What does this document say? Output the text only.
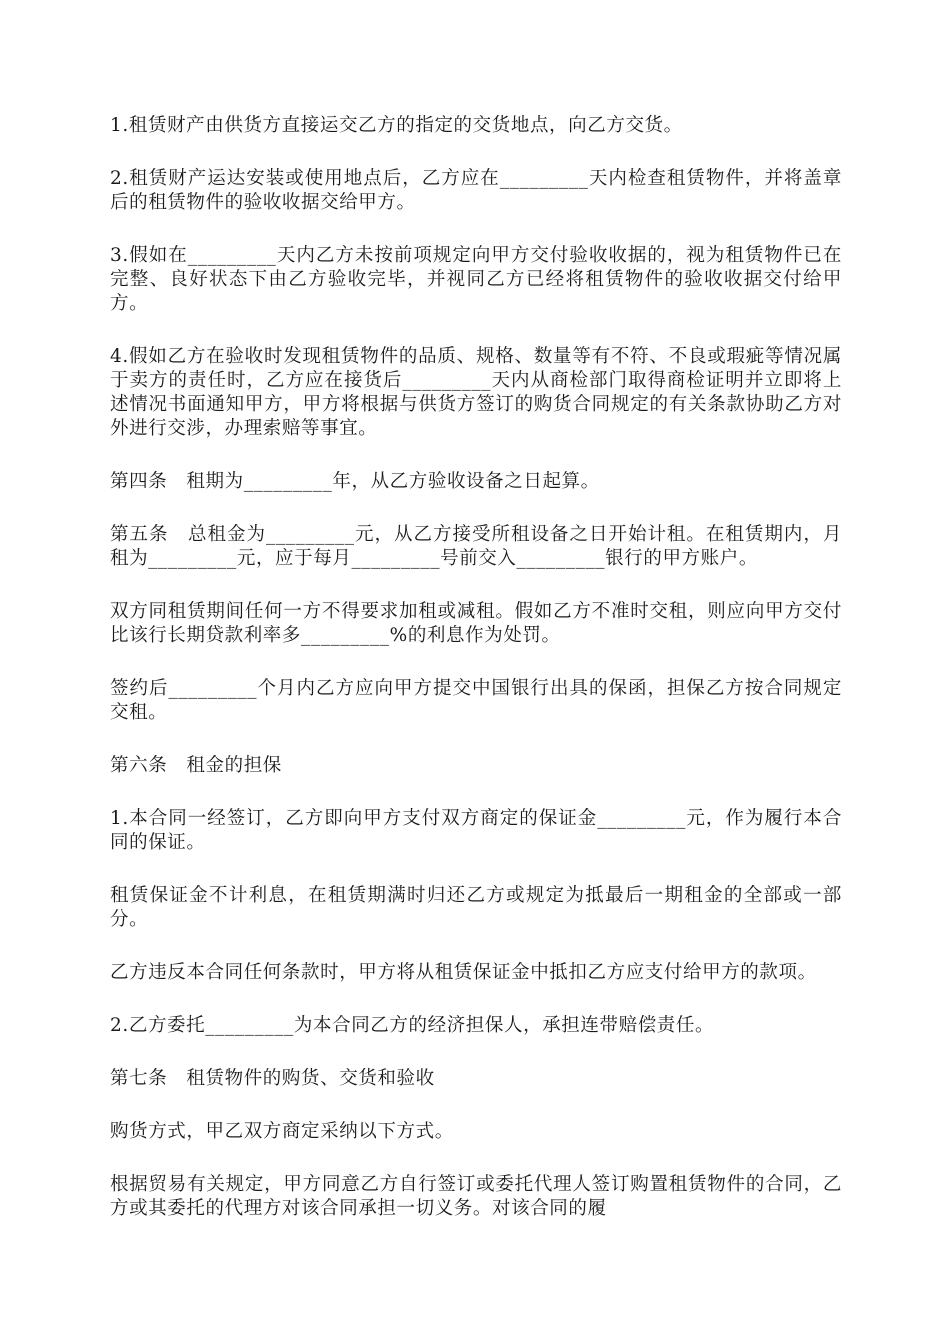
1.租赁财产由供货方直接运交乙方的指定的交货地点，向乙方交货。

2.租赁财产运达安装或使用地点后，乙方应在_________天内检查租赁物件，并将盖章后的租赁物件的验收收据交给甲方。

3.假如在_________天内乙方未按前项规定向甲方交付验收收据的，视为租赁物件已在完整、良好状态下由乙方验收完毕，并视同乙方已经将租赁物件的验收收据交付给甲方。

4.假如乙方在验收时发现租赁物件的品质、规格、数量等有不符、不良或瑕疵等情况属于卖方的责任时，乙方应在接货后_________天内从商检部门取得商检证明并立即将上述情况书面通知甲方，甲方将根据与供货方签订的购货合同规定的有关条款协助乙方对外进行交涉，办理索赔等事宜。

第四条　租期为_________年，从乙方验收设备之日起算。

第五条　总租金为_________元，从乙方接受所租设备之日开始计租。在租赁期内，月租为_________元，应于每月_________号前交入_________银行的甲方账户。

双方同租赁期间任何一方不得要求加租或减租。假如乙方不准时交租，则应向甲方交付比该行长期贷款利率多_________%的利息作为处罚。

签约后_________个月内乙方应向甲方提交中国银行出具的保函，担保乙方按合同规定交租。

第六条　租金的担保

1.本合同一经签订，乙方即向甲方支付双方商定的保证金_________元，作为履行本合同的保证。

租赁保证金不计利息，在租赁期满时归还乙方或规定为抵最后一期租金的全部或一部分。

乙方违反本合同任何条款时，甲方将从租赁保证金中抵扣乙方应支付给甲方的款项。

2.乙方委托_________为本合同乙方的经济担保人，承担连带赔偿责任。

第七条　租赁物件的购货、交货和验收

购货方式，甲乙双方商定采纳以下方式。

根据贸易有关规定，甲方同意乙方自行签订或委托代理人签订购置租赁物件的合同，乙方或其委托的代理方对该合同承担一切义务。对该合同的履
